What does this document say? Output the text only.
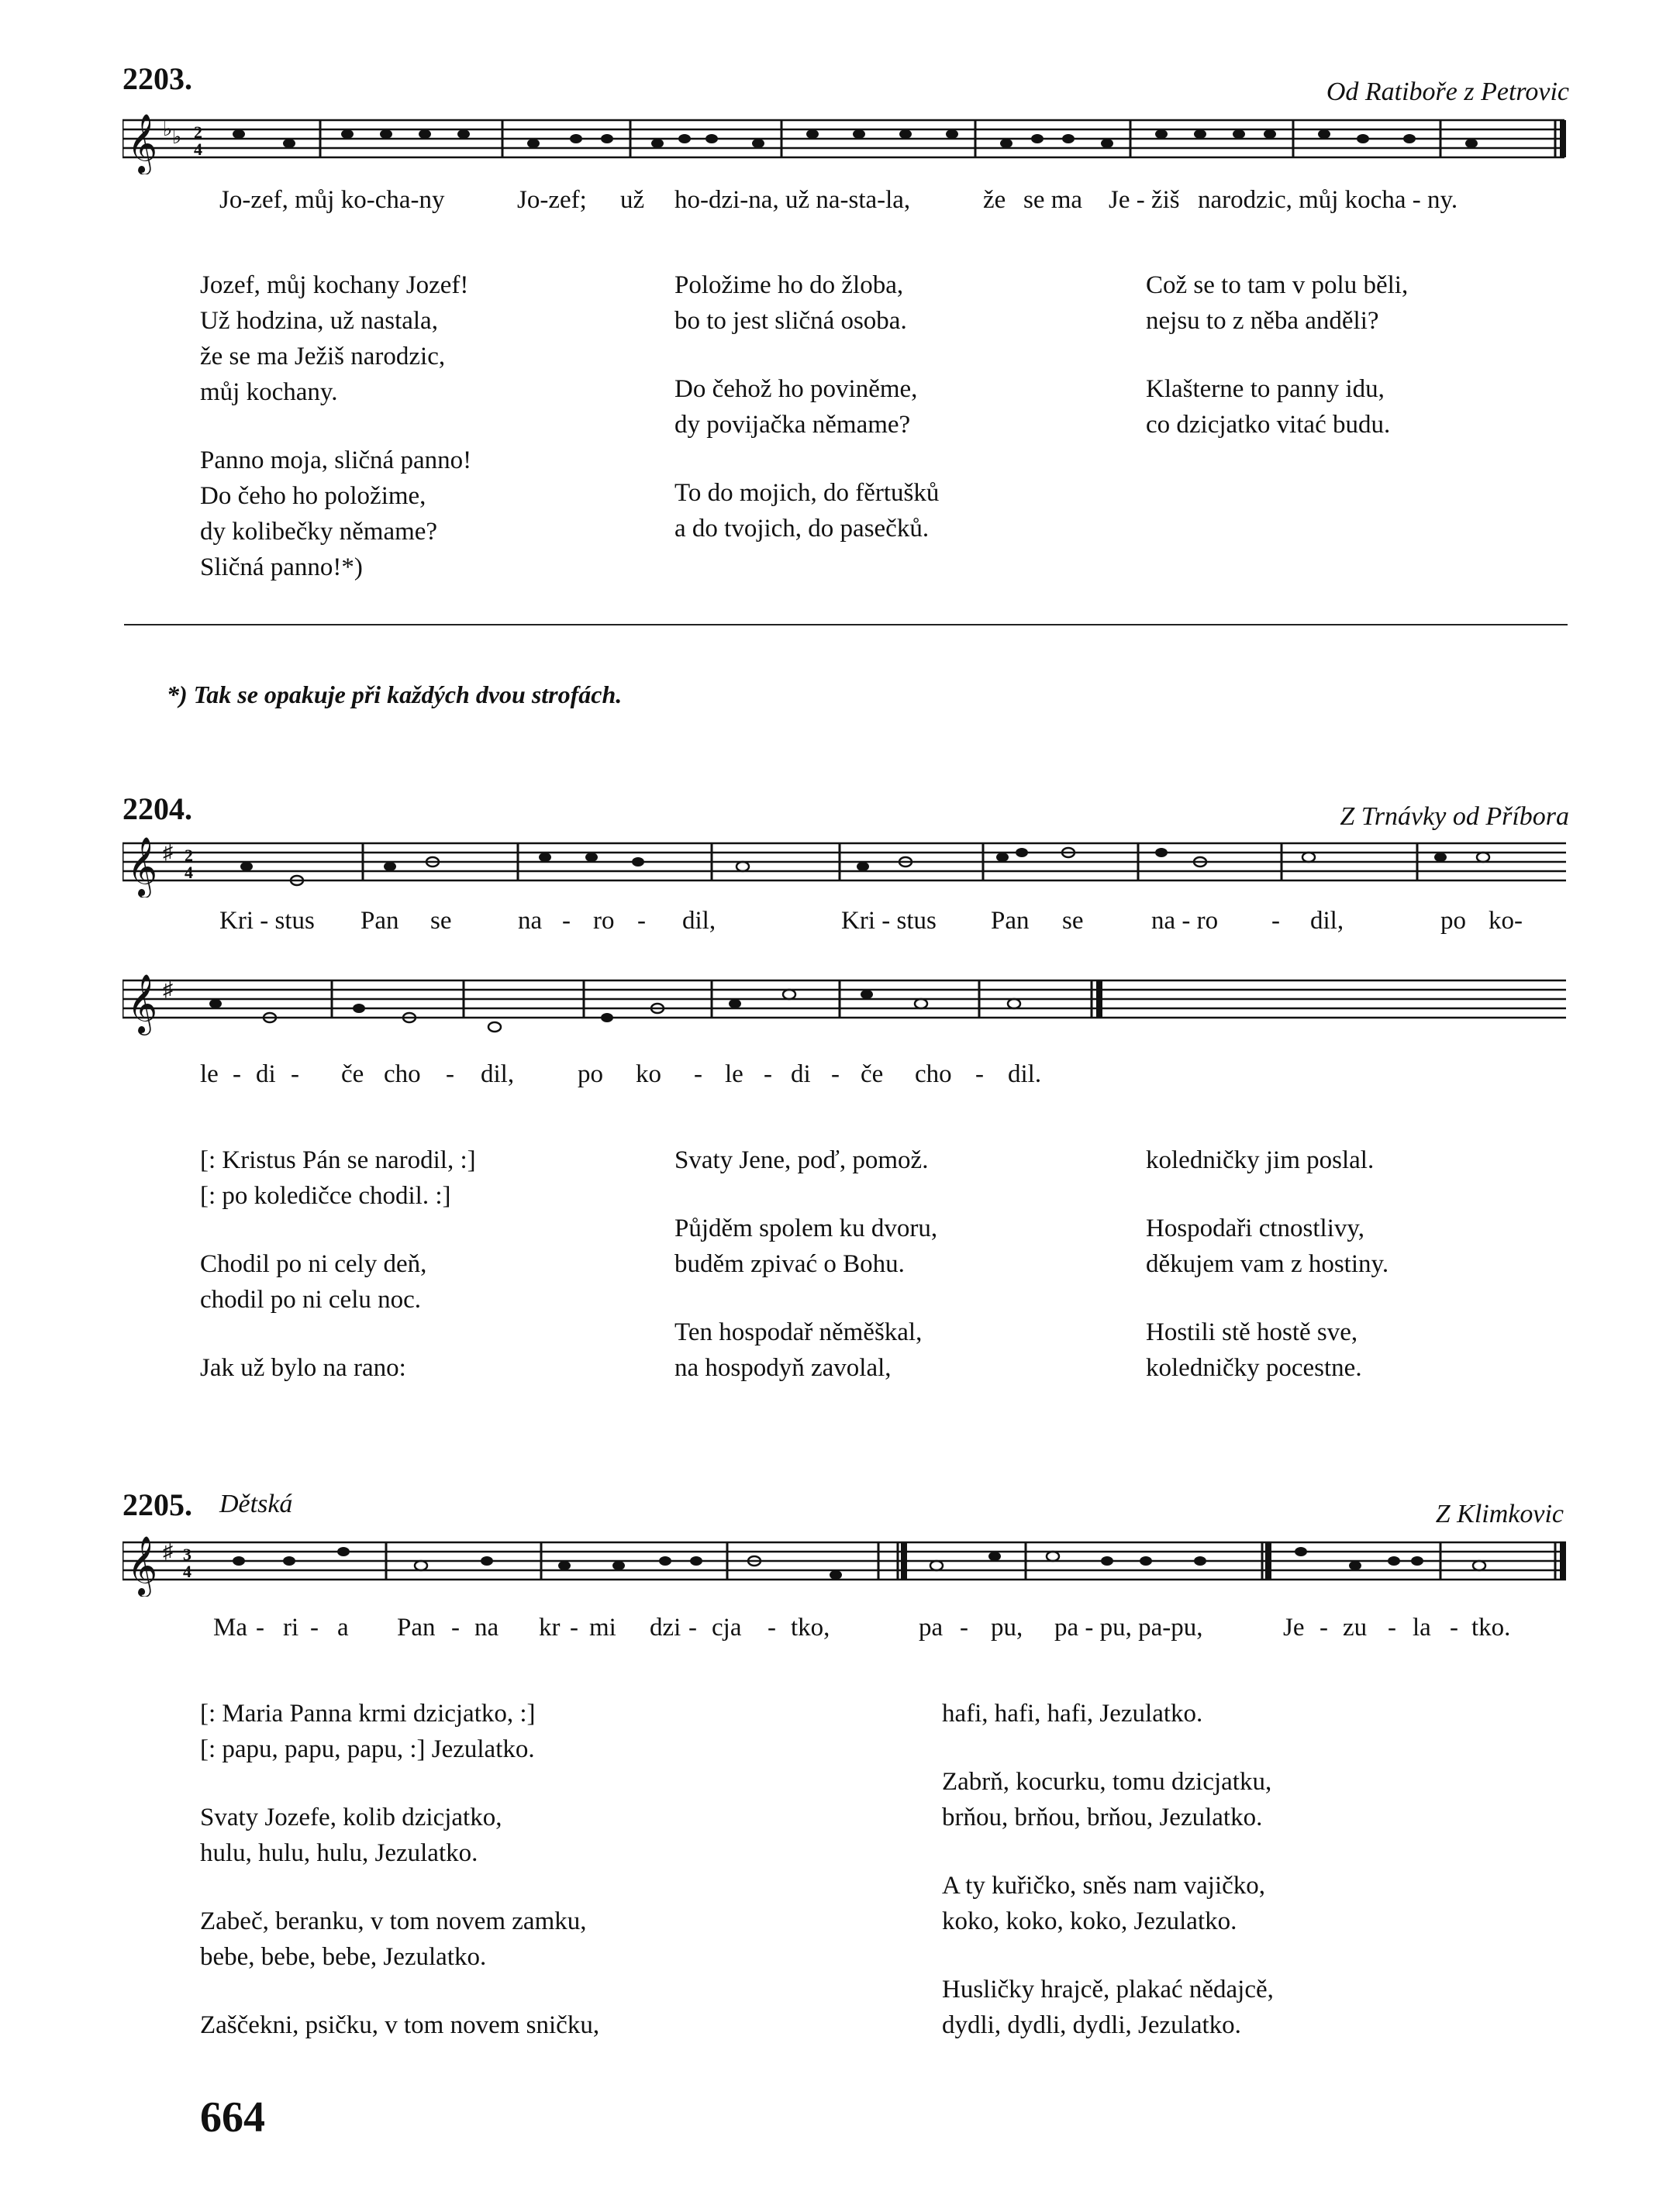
2203.	Od Ratiboře z Petrovic
𝄞 ♭ ♭ 2
4
Jo-zef, můj ko-cha-ny	Jo-zef; už ho-dzi-na, už na-sta-la,	že se ma Je - žiš narodzic, můj kocha - ny.
Jozef, můj kochany Jozef!
Už hodzina, už nastala,
že se ma Ježiš narodzic,
můj kochany.
Panno moja, sličná panno!
Do čeho ho položime,
dy kolibečky němame?
Sličná panno!*)
Položime ho do žloba,
bo to jest sličná osoba.
Do čehož ho poviněme,
dy povijačka němame?
To do mojich, do fěrtušků
a do tvojich, do pasečků.
Což se to tam v polu běli,
nejsu to z něba anděli?
Klašterne to panny idu,
co dzicjatko vitać budu.
*) Tak se opakuje při každých dvou strofách.
2204.	Z Trnávky od Příbora
𝄞 ♯ 2
4
Kri - stus Pan se	na - ro - dil,	Kri - stus Pan se	na - ro - dil,	po ko-
𝄞 ♯
le - di - če cho - dil, po ko - le - di - če cho - dil.
[: Kristus Pán se narodil, :]
[: po koledičce chodil. :]
Chodil po ni cely deň,
chodil po ni celu noc.
Jak už bylo na rano:
Svaty Jene, poď, pomož.
Půjděm spolem ku dvoru,
buděm zpivać o Bohu.
Ten hospodař něměškal,
na hospodyň zavolal,
koledničky jim poslal.
Hospodaři ctnostlivy,
děkujem vam z hostiny.
Hostili stě hostě sve,
koledničky pocestne.
2205. Dětská	Z Klimkovic
𝄞 ♯ 3
4
Ma - ri - a Pan - na kr - mi dzi - cja - tko,	pa - pu, pa - pu, pa-pu,	Je - zu - la - tko.
[: Maria Panna krmi dzicjatko, :]
[: papu, papu, papu, :] Jezulatko.
Svaty Jozefe, kolib dzicjatko,
hulu, hulu, hulu, Jezulatko.
Zabeč, beranku, v tom novem zamku,
bebe, bebe, bebe, Jezulatko.
Zaščekni, psičku, v tom novem sničku,
hafi, hafi, hafi, Jezulatko.
Zabrň, kocurku, tomu dzicjatku,
brňou, brňou, brňou, Jezulatko.
A ty kuřičko, sněs nam vajičko,
koko, koko, koko, Jezulatko.
Husličky hrajcě, plakać nědajcě,
dydli, dydli, dydli, Jezulatko.
664
